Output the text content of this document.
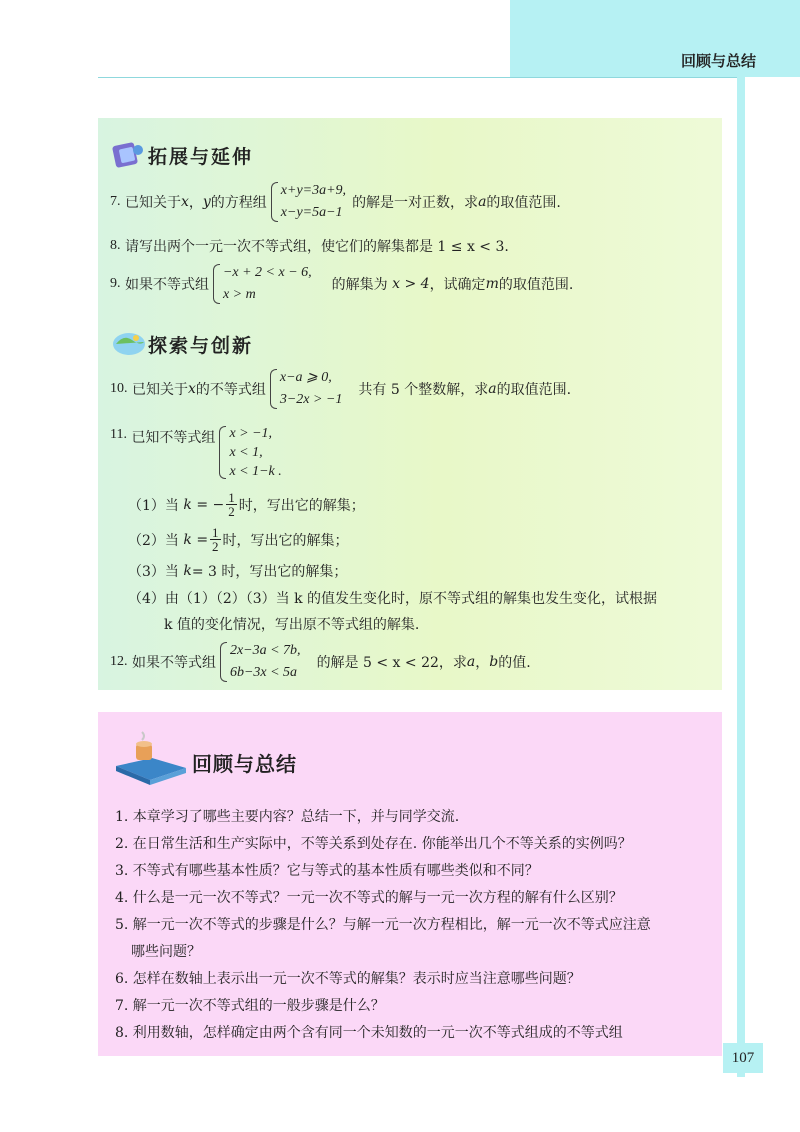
回顾与总结
拓展与延伸
7.
已知关于 x ， y 的方程组
x+y=3a+9,
x−y=5a−1
的解是一对正数，求 a 的取值范围.
8.
请写出两个一元一次不等式组，使它们的解集都是 1 ≤ x < 3.
9.
如果不等式组
−x + 2 < x − 6,
x > m
的解集为
x > 4 ，试确定 m 的取值范围.
探索与创新
10.
已知关于 x 的不等式组
x−a ⩾ 0,
3−2x > −1
共有 5 个整数解，求 a 的取值范围.
11.
已知不等式组 x > −1,
x < 1,
x < 1−k .
（1）当
k
= − $\frac{1}{2}$ 时，写出它的解集；
（2）当
k
= $\frac{1}{2}$ 时，写出它的解集；
（3）当
k = 3 时，写出它的解集；
（4）由（1）（2）（3）当 k 的值发生变化时，原不等式组的解集也发生变化，试根据
k 值的变化情况，写出原不等式组的解集.
12.
如果不等式组
2x−3a < 7b,
6b−3x < 5a
的解是 5 < x < 22，求 a ， b 的值.
回顾与总结
1. 本章学习了哪些主要内容？总结一下，并与同学交流.
2. 在日常生活和生产实际中，不等关系到处存在. 你能举出几个不等关系的实例吗？
3. 不等式有哪些基本性质？它与等式的基本性质有哪些类似和不同？
4. 什么是一元一次不等式？一元一次不等式的解与一元一次方程的解有什么区别？
5. 解一元一次不等式的步骤是什么？与解一元一次方程相比，解一元一次不等式应注意
哪些问题？
6. 怎样在数轴上表示出一元一次不等式的解集？表示时应当注意哪些问题？
7. 解一元一次不等式组的一般步骤是什么？
8. 利用数轴，怎样确定由两个含有同一个未知数的一元一次不等式组成的不等式组
107
